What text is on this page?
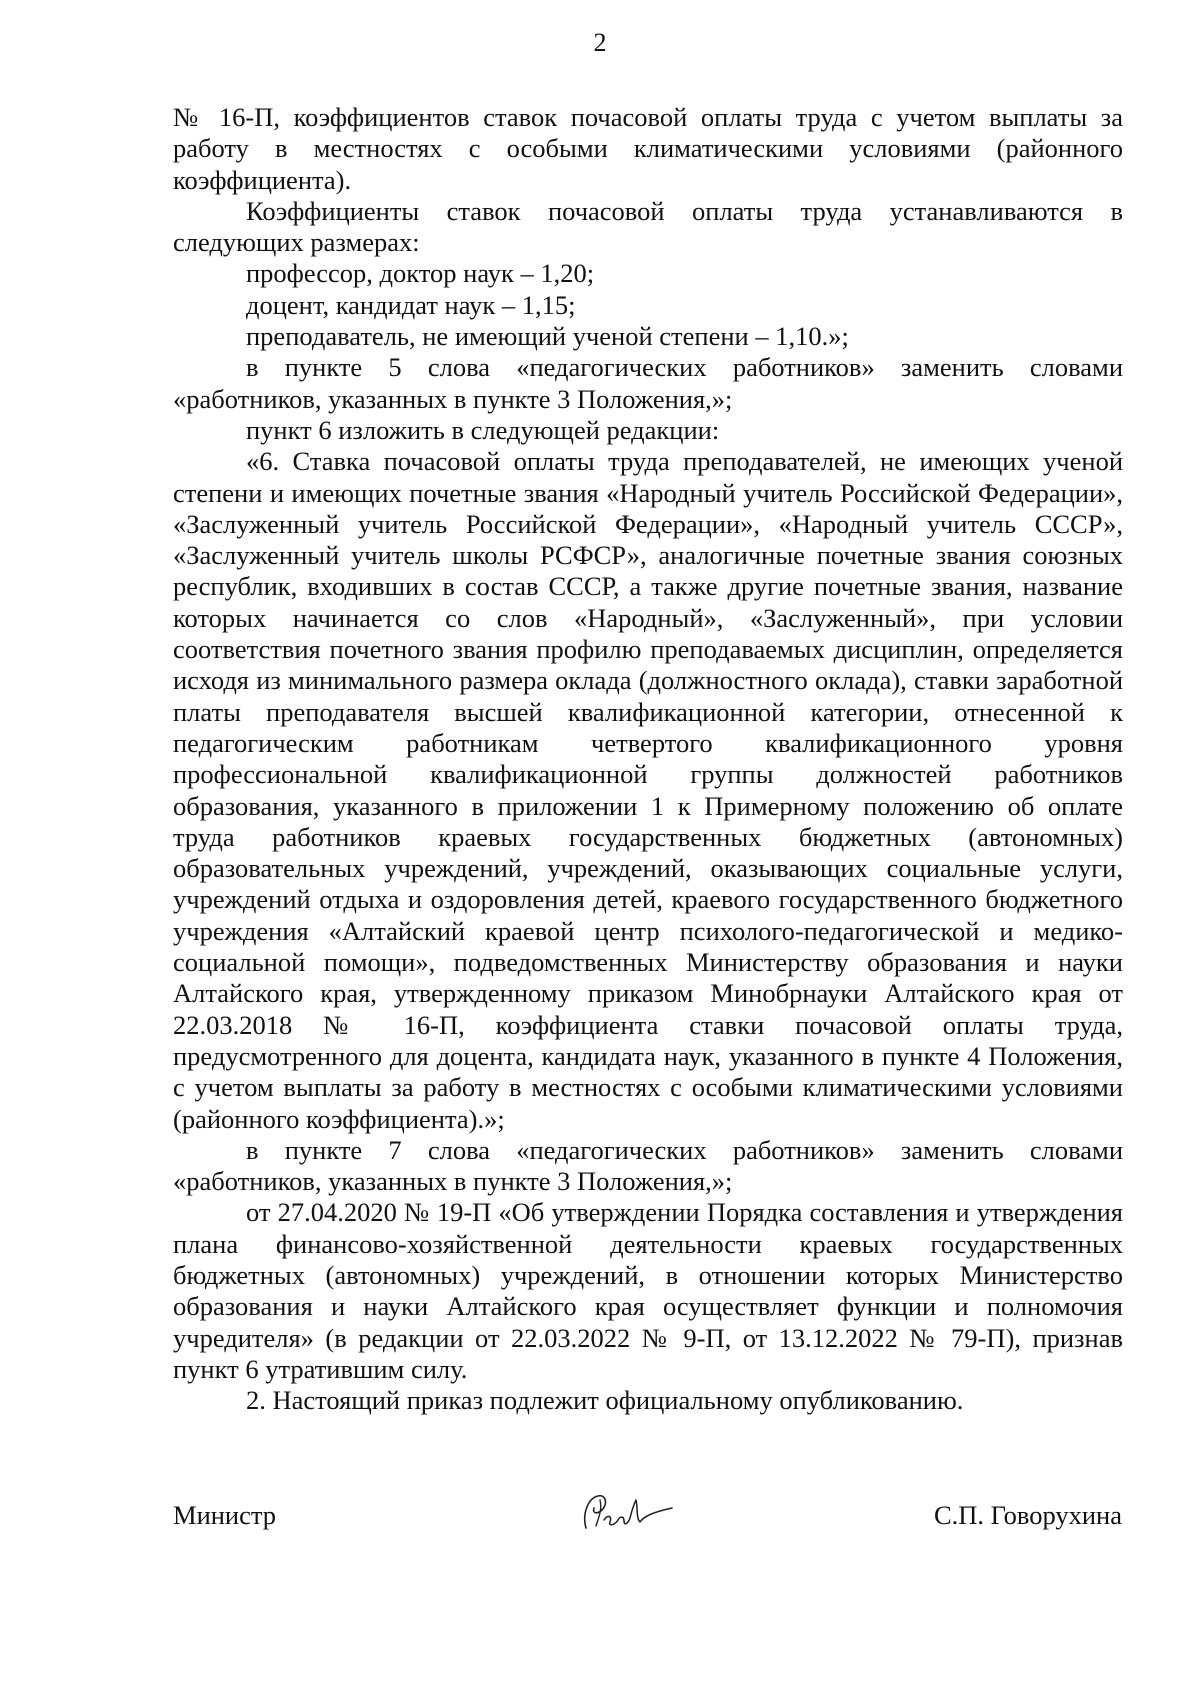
2

№ 16-П, коэффициентов ставок почасовой оплаты труда с учетом выплаты за работу в местностях с особыми климатическими условиями (районного коэффициента).

Коэффициенты ставок почасовой оплаты труда устанавливаются в следующих размерах:

профессор, доктор наук – 1,20;

доцент, кандидат наук – 1,15;

преподаватель, не имеющий ученой степени – 1,10.»;

в пункте 5 слова «педагогических работников» заменить словами «работников, указанных в пункте 3 Положения,»;

пункт 6 изложить в следующей редакции:

«6. Ставка почасовой оплаты труда преподавателей, не имеющих ученой степени и имеющих почетные звания «Народный учитель Российской Федерации», «Заслуженный учитель Российской Федерации», «Народный учитель СССР», «Заслуженный учитель школы РСФСР», аналогичные почетные звания союзных республик, входивших в состав СССР, а также другие почетные звания, название которых начинается со слов «Народный», «Заслуженный», при условии соответствия почетного звания профилю преподаваемых дисциплин, определяется исходя из минимального размера оклада (должностного оклада), ставки заработной платы преподавателя высшей квалификационной категории, отнесенной к педагогическим работникам четвертого квалификационного уровня профессиональной квалификационной группы должностей работников образования, указанного в приложении 1 к Примерному положению об оплате труда работников краевых государственных бюджетных (автономных) образовательных учреждений, учреждений, оказывающих социальные услуги, учреждений отдыха и оздоровления детей, краевого государственного бюджетного учреждения «Алтайский краевой центр психолого-педагогической и медико-социальной помощи», подведомственных Министерству образования и науки Алтайского края, утвержденному приказом Минобрнауки Алтайского края от 22.03.2018 № 16-П, коэффициента ставки почасовой оплаты труда, предусмотренного для доцента, кандидата наук, указанного в пункте 4 Положения, с учетом выплаты за работу в местностях с особыми климатическими условиями (районного коэффициента).»;

в пункте 7 слова «педагогических работников» заменить словами «работников, указанных в пункте 3 Положения,»;

от 27.04.2020 № 19-П «Об утверждении Порядка составления и утверждения плана финансово-хозяйственной деятельности краевых государственных бюджетных (автономных) учреждений, в отношении которых Министерство образования и науки Алтайского края осуществляет функции и полномочия учредителя» (в редакции от 22.03.2022 № 9-П, от 13.12.2022 № 79-П), признав пункт 6 утратившим силу.

2. Настоящий приказ подлежит официальному опубликованию.

Министр	С.П. Говорухина
